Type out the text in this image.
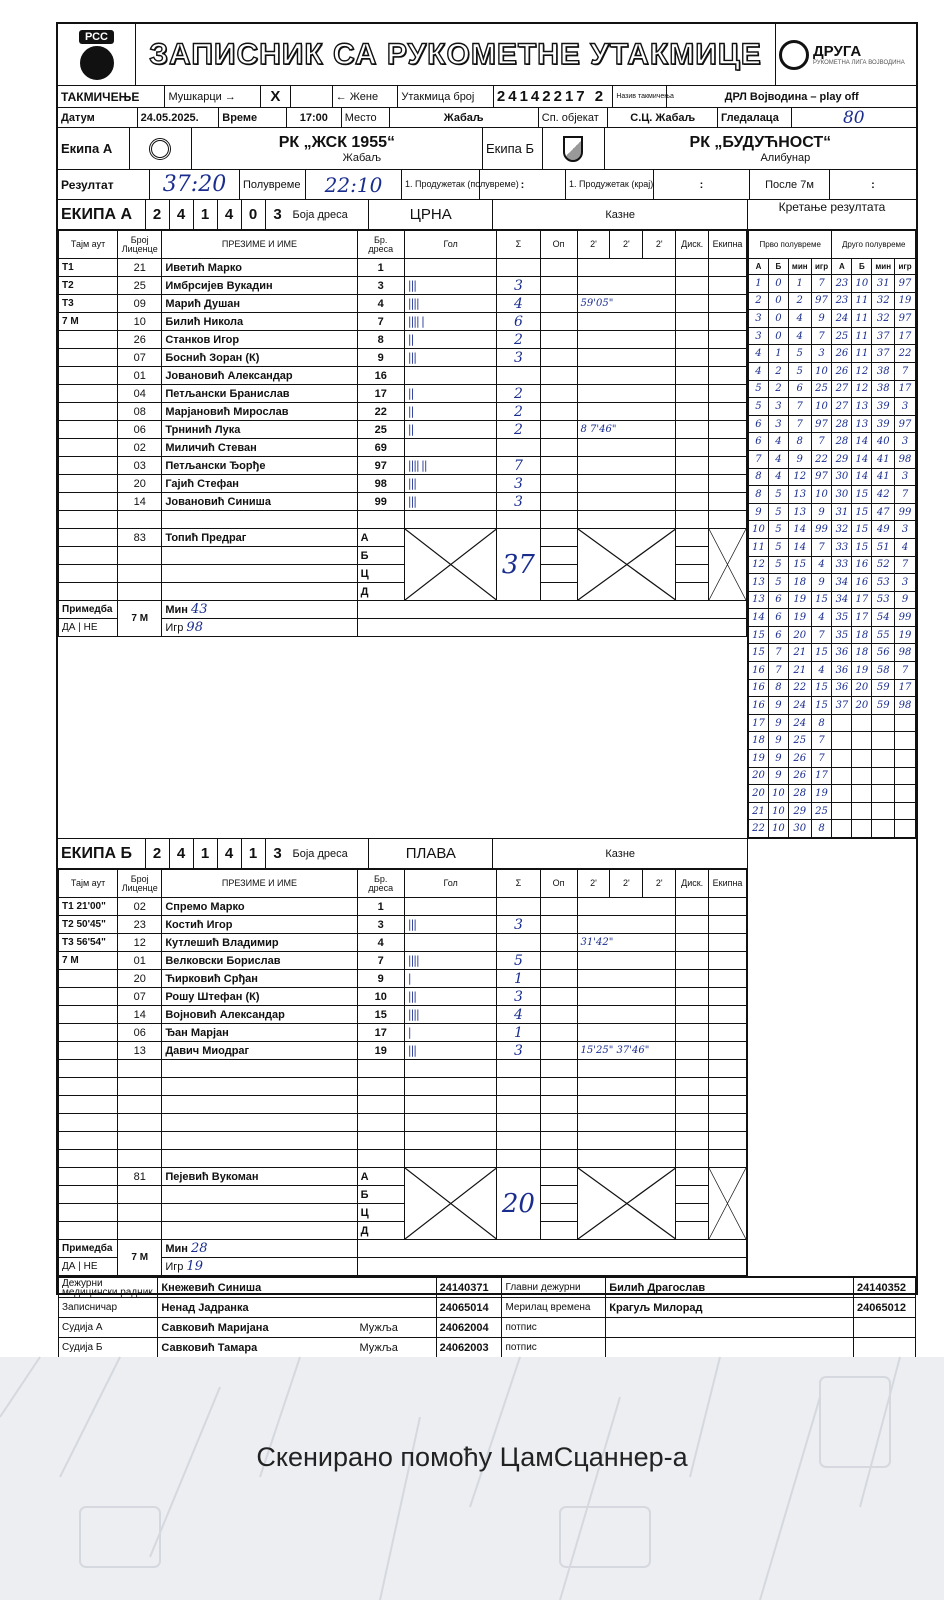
РСС
ЗАПИСНИК СА РУКОМЕТНЕ УТАКМИЦЕ	ДРУГА
РУКОМЕТНА ЛИГА ВОЈВОДИНА
ТАКМИЧЕЊЕ	Мушкарци →	X	← Жене	Утакмица број	24142217 2	Назив такмичења	ДРЛ Војводина – play off
Датум	24.05.2025.	Време	17:00	Место	Жабаљ	Сп. објекат	С.Ц. Жабаљ	Гледалаца	80
Екипа А	РК „ЖСК 1955“
Жабаљ
Екипа Б	РК „БУДУЋНОСТ“
Алибунар
Резултат	37:20	Полувреме	22:10	1. Продужетак (полувреме) :	1. Продужетак (крај)	:	После 7м	:
ЕКИПА А	2	4	1	4	0	3 Боја дреса	ЦРНА	Казне
Тајм аут	Број Лиценце	ПРЕЗИМЕ И ИМЕ	Бр. дреса	Гол	Σ	Оп	2'	2'	2'	Диск.	Екипна
T1	21	Иветић Марко	1								
T2	25	Имбрсијев Вукадин	3	|||	3						
T3	09	Марић Душан	4	||||	4		59'05"				
7 M	10	Билић Никола	7	|||| |	6						
	26	Станков Игор	8	||	2						
	07	Бoснић Зоран (К)	9	|||	3						
	01	Јовановић Александар	16								
	04	Петљански Бранислав	17	||	2						
	08	Марјановић Мирослав	22	||	2						
	06	Трнинић Лука	25	||	2		8 7'46"				
	02	Миличић Стеван	69								
	03	Петљански Ђорђе	97	|||| ||	7						
	20	Гајић Стефан	98	|||	3						
	14	Јовановић Синиша	99	|||	3						

	83	Топић Предраг	А		37		

			Б								
			Ц								
			Д								
Примедба	7 М	Мин 43									
ДА | НЕ		Игр 98									
Кретање резултата
Прво полувреме				Друго полувреме			
А	Б	мин	игр	А	Б	мин	игр
1	0	1	7	23	10	31	97
2	0	2	97	23	11	32	19
3	0	4	9	24	11	32	97
3	0	4	7	25	11	37	17
4	1	5	3	26	11	37	22
4	2	5	10	26	12	38	7
5	2	6	25	27	12	38	17
5	3	7	10	27	13	39	3
6	3	7	97	28	13	39	97
6	4	8	7	28	14	40	3
7	4	9	22	29	14	41	98
8	4	12	97	30	14	41	3
8	5	13	10	30	15	42	7
9	5	13	9	31	15	47	99
10	5	14	99	32	15	49	3
11	5	14	7	33	15	51	4
12	5	15	4	33	16	52	7
13	5	18	9	34	16	53	3
13	6	19	15	34	17	53	9
14	6	19	4	35	17	54	99
15	6	20	7	35	18	55	19
15	7	21	15	36	18	56	98
16	7	21	4	36	19	58	7
16	8	22	15	36	20	59	17
16	9	24	15	37	20	59	98
17	9	24	8				
18	9	25	7				
19	9	26	7				
20	9	26	17				
20	10	28	19				
21	10	29	25				
22	10	30	8				
ЕКИПА Б	2	4	1	4	1	3 Боја дреса	ПЛАВА	Казне
Тајм аут	Број Лиценце	ПРЕЗИМЕ И ИМЕ	Бр. дреса	Гол	Σ	Оп	2'	2'	2'	Диск.	Екипна
T1 21'00"	02	Спремо Марко	1								
T2 50'45"	23	Костић Игор	3	|||	3						
T3 56'54"	12	Кутлешић Владимир	4				31'42"				
7 M	01	Велковски Борислав	7	||||	5						
	20	Ћирковић Срђан	9	|	1						
	07	Рошу Штефан (К)	10	|||	3						
	14	Војновић Александар	15	||||	4						
	06	Ђан Марјан	17	|	1						
	13	Давич Миодраг	19	|||	3		15'25" 37'46"				

	81	Пејевић Вукоман	А		20		

			Б								
			Ц								
			Д								
Примедба	7 М	Мин 28									
ДА | НЕ		Игр 19									
Дежурни медицински радник	Кнежевић Синиша		24140371	Главни дежурни	Билић Драгослав	24140352
Записничар	Ненад Јадранка		24065014	Мерилац времена	Крагуљ Милорад	24065012
Судија А	Савковић Маријана	Мужља	24062004	потпис		
Судија Б	Савковић Тамара	Мужља	24062003	потпис		

Скенирано помоћу ЦамСцаннер-а
